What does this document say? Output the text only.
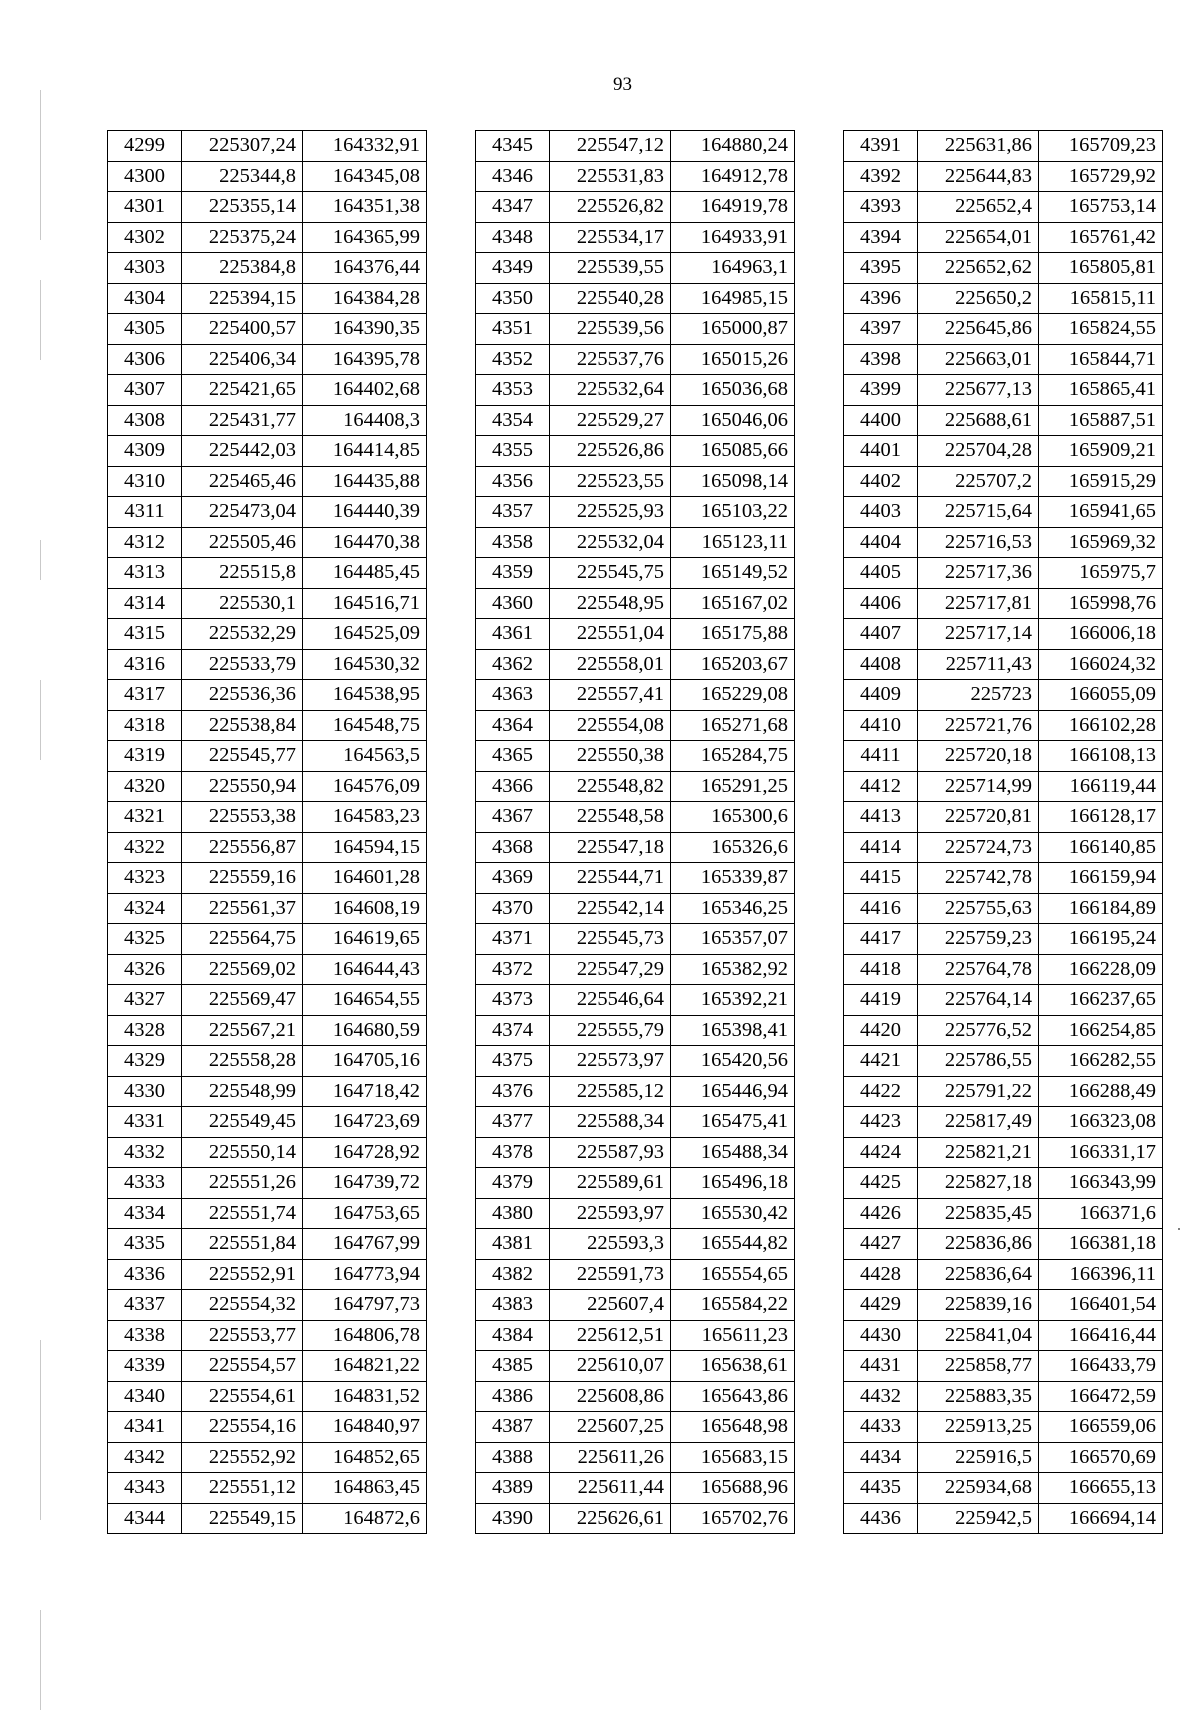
93
4299	225307,24	164332,91
4300	225344,8	164345,08
4301	225355,14	164351,38
4302	225375,24	164365,99
4303	225384,8	164376,44
4304	225394,15	164384,28
4305	225400,57	164390,35
4306	225406,34	164395,78
4307	225421,65	164402,68
4308	225431,77	164408,3
4309	225442,03	164414,85
4310	225465,46	164435,88
4311	225473,04	164440,39
4312	225505,46	164470,38
4313	225515,8	164485,45
4314	225530,1	164516,71
4315	225532,29	164525,09
4316	225533,79	164530,32
4317	225536,36	164538,95
4318	225538,84	164548,75
4319	225545,77	164563,5
4320	225550,94	164576,09
4321	225553,38	164583,23
4322	225556,87	164594,15
4323	225559,16	164601,28
4324	225561,37	164608,19
4325	225564,75	164619,65
4326	225569,02	164644,43
4327	225569,47	164654,55
4328	225567,21	164680,59
4329	225558,28	164705,16
4330	225548,99	164718,42
4331	225549,45	164723,69
4332	225550,14	164728,92
4333	225551,26	164739,72
4334	225551,74	164753,65
4335	225551,84	164767,99
4336	225552,91	164773,94
4337	225554,32	164797,73
4338	225553,77	164806,78
4339	225554,57	164821,22
4340	225554,61	164831,52
4341	225554,16	164840,97
4342	225552,92	164852,65
4343	225551,12	164863,45
4344	225549,15	164872,6
4345	225547,12	164880,24
4346	225531,83	164912,78
4347	225526,82	164919,78
4348	225534,17	164933,91
4349	225539,55	164963,1
4350	225540,28	164985,15
4351	225539,56	165000,87
4352	225537,76	165015,26
4353	225532,64	165036,68
4354	225529,27	165046,06
4355	225526,86	165085,66
4356	225523,55	165098,14
4357	225525,93	165103,22
4358	225532,04	165123,11
4359	225545,75	165149,52
4360	225548,95	165167,02
4361	225551,04	165175,88
4362	225558,01	165203,67
4363	225557,41	165229,08
4364	225554,08	165271,68
4365	225550,38	165284,75
4366	225548,82	165291,25
4367	225548,58	165300,6
4368	225547,18	165326,6
4369	225544,71	165339,87
4370	225542,14	165346,25
4371	225545,73	165357,07
4372	225547,29	165382,92
4373	225546,64	165392,21
4374	225555,79	165398,41
4375	225573,97	165420,56
4376	225585,12	165446,94
4377	225588,34	165475,41
4378	225587,93	165488,34
4379	225589,61	165496,18
4380	225593,97	165530,42
4381	225593,3	165544,82
4382	225591,73	165554,65
4383	225607,4	165584,22
4384	225612,51	165611,23
4385	225610,07	165638,61
4386	225608,86	165643,86
4387	225607,25	165648,98
4388	225611,26	165683,15
4389	225611,44	165688,96
4390	225626,61	165702,76
4391	225631,86	165709,23
4392	225644,83	165729,92
4393	225652,4	165753,14
4394	225654,01	165761,42
4395	225652,62	165805,81
4396	225650,2	165815,11
4397	225645,86	165824,55
4398	225663,01	165844,71
4399	225677,13	165865,41
4400	225688,61	165887,51
4401	225704,28	165909,21
4402	225707,2	165915,29
4403	225715,64	165941,65
4404	225716,53	165969,32
4405	225717,36	165975,7
4406	225717,81	165998,76
4407	225717,14	166006,18
4408	225711,43	166024,32
4409	225723	166055,09
4410	225721,76	166102,28
4411	225720,18	166108,13
4412	225714,99	166119,44
4413	225720,81	166128,17
4414	225724,73	166140,85
4415	225742,78	166159,94
4416	225755,63	166184,89
4417	225759,23	166195,24
4418	225764,78	166228,09
4419	225764,14	166237,65
4420	225776,52	166254,85
4421	225786,55	166282,55
4422	225791,22	166288,49
4423	225817,49	166323,08
4424	225821,21	166331,17
4425	225827,18	166343,99
4426	225835,45	166371,6
4427	225836,86	166381,18
4428	225836,64	166396,11
4429	225839,16	166401,54
4430	225841,04	166416,44
4431	225858,77	166433,79
4432	225883,35	166472,59
4433	225913,25	166559,06
4434	225916,5	166570,69
4435	225934,68	166655,13
4436	225942,5	166694,14
